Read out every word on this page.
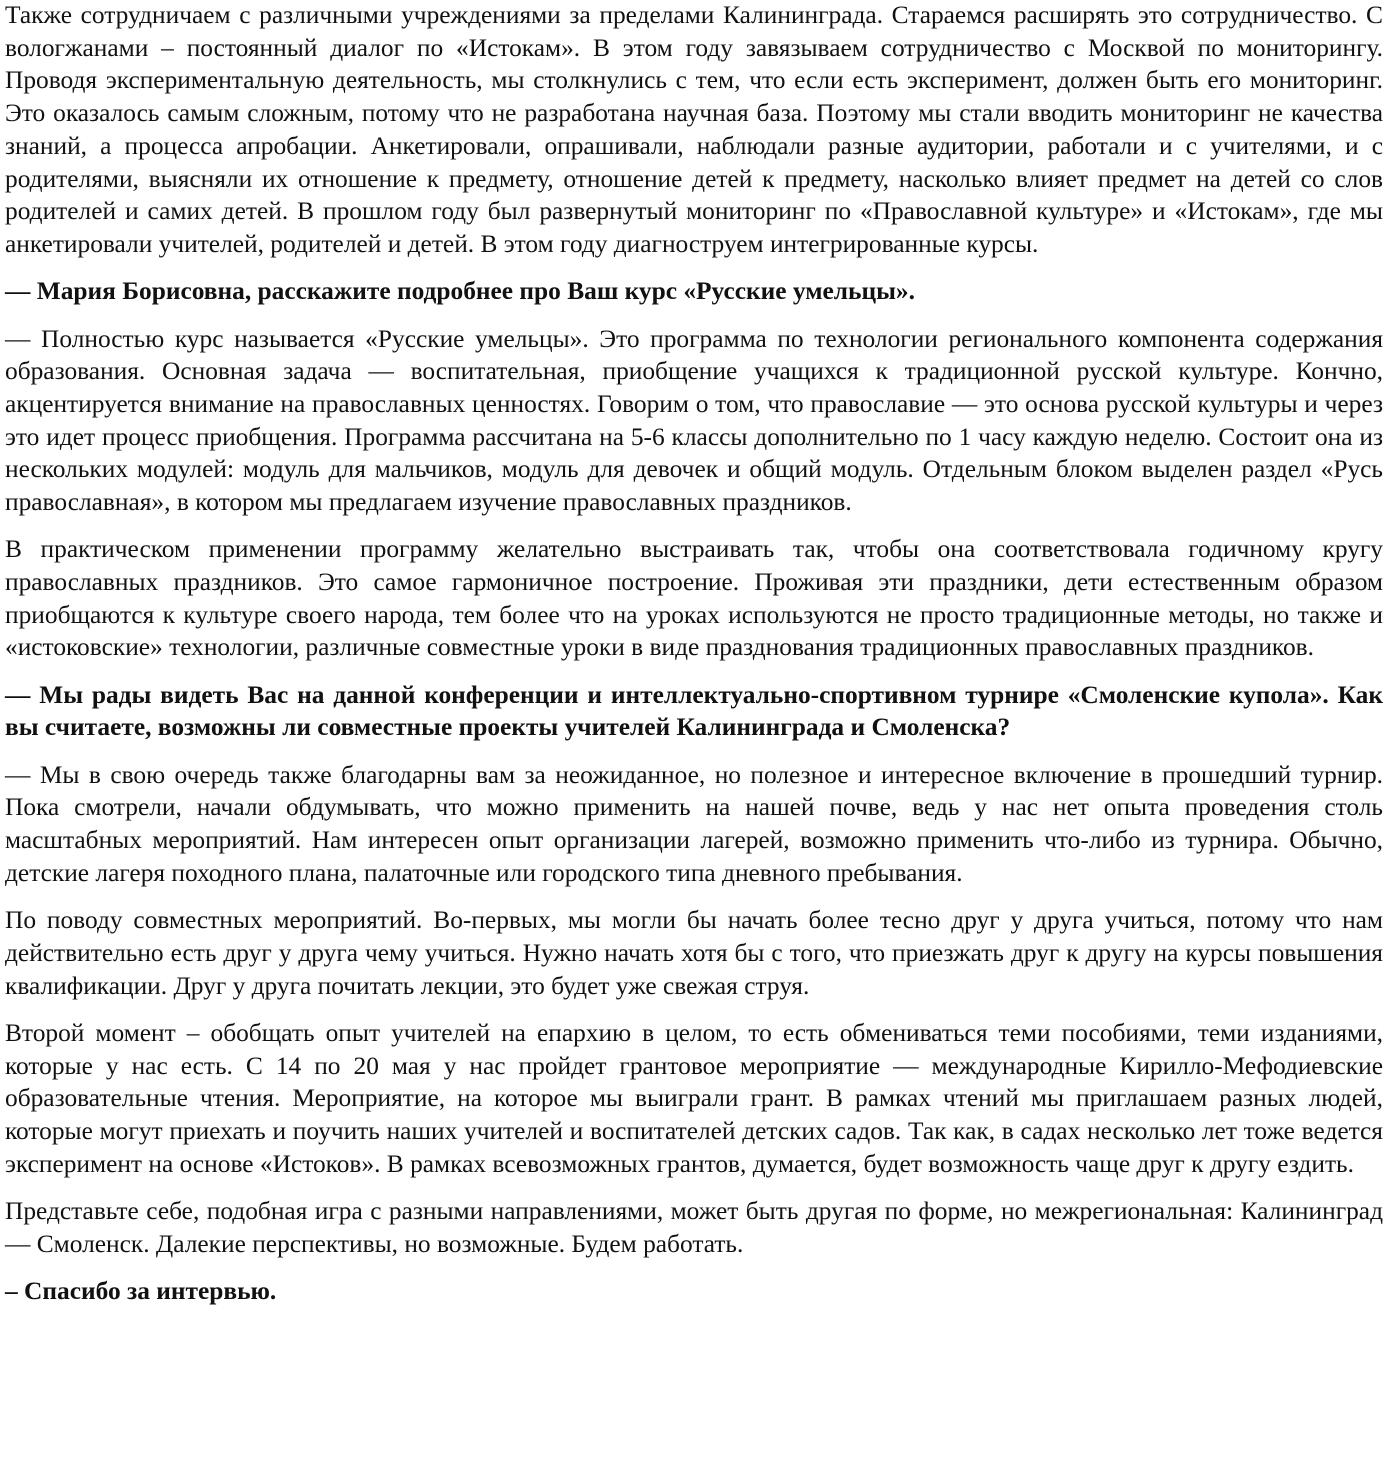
Также сотрудничаем с различными учреждениями за пределами Калининграда. Стараемся расширять это сотрудничество. С вологжанами – постоянный диалог по «Истокам». В этом году завязываем сотрудничество с Москвой по мониторингу. Проводя экспериментальную деятельность, мы столкнулись с тем, что если есть эксперимент, должен быть его мониторинг. Это оказалось самым сложным, потому что не разработана научная база. Поэтому мы стали вводить мониторинг не качества знаний, а процесса апробации. Анкетировали, опрашивали, наблюдали разные аудитории, работали и с учителями, и с родителями, выясняли их отношение к предмету, отношение детей к предмету, насколько влияет предмет на детей со слов родителей и самих детей. В прошлом году был развернутый мониторинг по «Православной культуре» и «Истокам», где мы анкетировали учителей, родителей и детей. В этом году диагноструем интегрированные курсы.

— Мария Борисовна, расскажите подробнее про Ваш курс «Русские умельцы».

— Полностью курс называется «Русские умельцы». Это программа по технологии регионального компонента содержания образования. Основная задача — воспитательная, приобщение учащихся к традиционной русской культуре. Кончно, акцентируется внимание на православных ценностях. Говорим о том, что православие — это основа русской культуры и через это идет процесс приобщения. Программа рассчитана на 5-6 классы дополнительно по 1 часу каждую неделю. Состоит она из нескольких модулей: модуль для мальчиков, модуль для девочек и общий модуль. Отдельным блоком выделен раздел «Русь православная», в котором мы предлагаем изучение православных праздников.

В практическом применении программу желательно выстраивать так, чтобы она соответствовала годичному кругу православных праздников. Это самое гармоничное построение. Проживая эти праздники, дети естественным образом приобщаются к культуре своего народа, тем более что на уроках используются не просто традиционные методы, но также и «истоковские» технологии, различные совместные уроки в виде празднования традиционных православных праздников.

— Мы рады видеть Вас на данной конференции и интеллектуально-спортивном турнире «Смоленские купола». Как вы считаете, возможны ли совместные проекты учителей Калининграда и Смоленска?

— Мы в свою очередь также благодарны вам за неожиданное, но полезное и интересное включение в прошедший турнир. Пока смотрели, начали обдумывать, что можно применить на нашей почве, ведь у нас нет опыта проведения столь масштабных мероприятий. Нам интересен опыт организации лагерей, возможно применить что-либо из турнира. Обычно, детские лагеря походного плана, палаточные или городского типа дневного пребывания.

По поводу совместных мероприятий. Во-первых, мы могли бы начать более тесно друг у друга учиться, потому что нам действительно есть друг у друга чему учиться. Нужно начать хотя бы с того, что приезжать друг к другу на курсы повышения квалификации. Друг у друга почитать лекции, это будет уже свежая струя.

Второй момент – обобщать опыт учителей на епархию в целом, то есть обмениваться теми пособиями, теми изданиями, которые у нас есть. С 14 по 20 мая у нас пройдет грантовое мероприятие — международные Кирилло-Мефодиевские образовательные чтения. Мероприятие, на которое мы выиграли грант. В рамках чтений мы приглашаем разных людей, которые могут приехать и поучить наших учителей и воспитателей детских садов. Так как, в садах несколько лет тоже ведется эксперимент на основе «Истоков». В рамках всевозможных грантов, думается, будет возможность чаще друг к другу ездить.

Представьте себе, подобная игра с разными направлениями, может быть другая по форме, но межрегиональная: Калининград — Смоленск. Далекие перспективы, но возможные. Будем работать.

– Спасибо за интервью.
